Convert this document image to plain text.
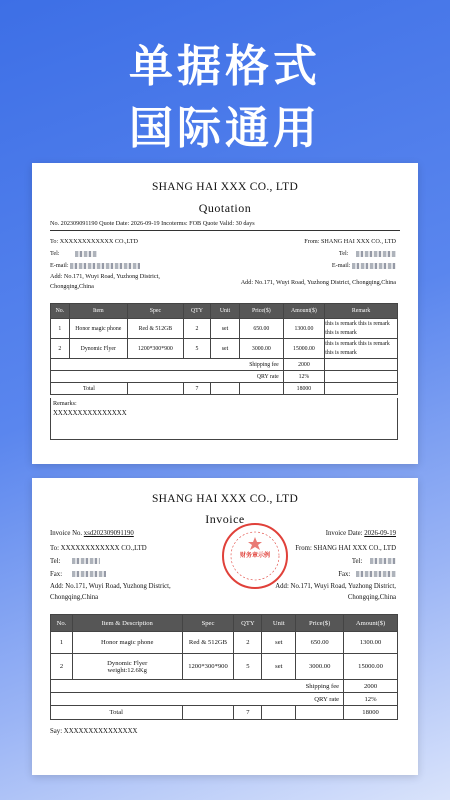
单据格式
国际通用
SHANG HAI XXX CO., LTD
Quotation
No. 202309091190 Quote Date: 2026-09-19 Incoterms: FOB Quote Valid: 30 days
To: XXXXXXXXXXXX CO.,LTD
Tel:
E-mail:
Add: No.171, Wuyi Road, Yuzhong District,
Chongqing,China
From: SHANG HAI XXX CO., LTD
Tel:
E-mail:
Add: No.171, Wuyi Road, Yuzhong District, Chongqing,China
No.	Item	Spec	QTY	Unit	Price($)	Amount($)	Remark
1	Honor magic phone	Red & 512GB	2	set	650.00	1300.00	this is remark this is remark this is remark
2	Dynomic Flyer	1200*300*900	5	set	3000.00	15000.00	this is remark this is remark this is remark
Shipping fee						2000	
QRY rate						12%	
Total			7			18000	
Remarks:
XXXXXXXXXXXXXXX
SHANG HAI XXX CO., LTD
Invoice
Invoice No. xsd202309091190	Invoice Date: 2026-09-19
To: XXXXXXXXXXXX CO.,LTD
Tel:
Fax:
Add: No.171, Wuyi Road, Yuzhong District,
Chongqing,China
From: SHANG HAI XXX CO., LTD
Tel:
Fax:
Add: No.171, Wuyi Road, Yuzhong District,
Chongqing,China
财务章示例
No.	Item & Description	Spec	QTY	Unit	Price($)	Amount($)
1	Honor magic phone	Red & 512GB	2	set	650.00	1300.00
2	Dynomic Flyer
weight:12.6Kg	1200*300*900	5	set	3000.00	15000.00
Shipping fee						2000
QRY rate						12%
Total			7			18000
Say: XXXXXXXXXXXXXXX
